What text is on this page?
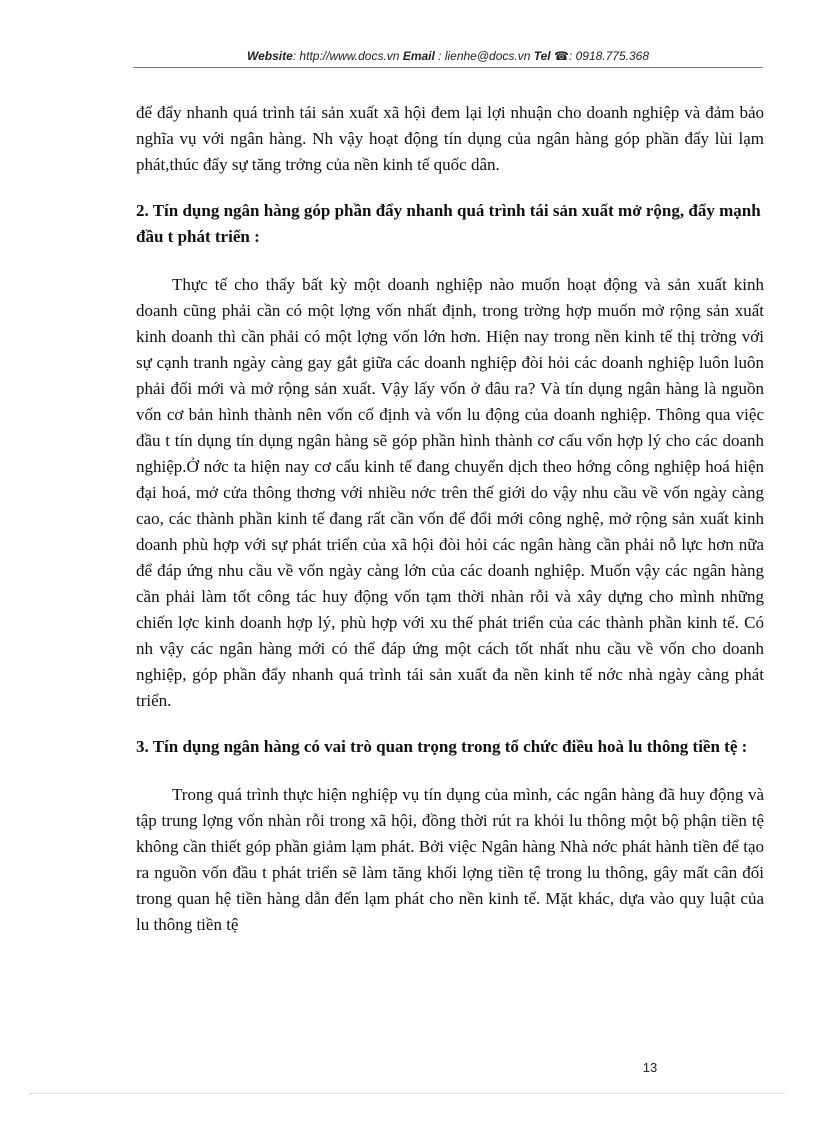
Website: http://www.docs.vn Email : lienhe@docs.vn Tel ☎: 0918.775.368

để đẩy nhanh quá trình tái sản xuất xã hội đem lại lợi nhuận cho doanh nghiệp và đảm bảo nghĩa vụ với ngân hàng. Nh vậy hoạt động tín dụng của ngân hàng góp phần đẩy lùi lạm phát,thúc đẩy sự tăng trởng của nền kinh tế quốc dân.

2. Tín dụng ngân hàng góp phần đẩy nhanh quá trình tái sản xuất mở rộng, đẩy mạnh đầu t phát triển :

Thực tế cho thấy bất kỳ một doanh nghiệp nào muốn hoạt động và sản xuất kinh doanh cũng phải cần có một lợng vốn nhất định, trong trờng hợp muốn mở rộng sản xuất kinh doanh thì cần phải có một lợng vốn lớn hơn. Hiện nay trong nền kinh tế thị trờng với sự cạnh tranh ngày càng gay gắt giữa các doanh nghiệp đòi hỏi các doanh nghiệp luôn luôn phải đổi mới và mở rộng sản xuất. Vậy lấy vốn ở đâu ra? Và tín dụng ngân hàng là nguồn vốn cơ bản hình thành nên vốn cố định và vốn lu động của doanh nghiệp. Thông qua việc đầu t tín dụng tín dụng ngân hàng sẽ góp phần hình thành cơ cấu vốn hợp lý cho các doanh nghiệp.Ở nớc ta hiện nay cơ cấu kinh tế đang chuyển dịch theo hớng công nghiệp hoá hiện đại hoá, mở cửa thông thơng với nhiều nớc trên thế giới do vậy nhu cầu về vốn ngày càng cao, các thành phần kinh tế đang rất cần vốn để đổi mới công nghệ, mở rộng sản xuất kinh doanh phù hợp với sự phát triển của xã hội đòi hỏi các ngân hàng cần phải nỗ lực hơn nữa để đáp ứng nhu cầu về vốn ngày càng lớn của các doanh nghiệp. Muốn vậy các ngân hàng cần phải làm tốt công tác huy động vốn tạm thời nhàn rỗi và xây dựng cho mình những chiến lợc kinh doanh hợp lý, phù hợp với xu thế phát triển của các thành phần kinh tế. Có nh vậy các ngân hàng mới có thể đáp ứng một cách tốt nhất nhu cầu về vốn cho doanh nghiệp, góp phần đẩy nhanh quá trình tái sản xuất đa nền kinh tế nớc nhà ngày càng phát triển.

3. Tín dụng ngân hàng có vai trò quan trọng trong tổ chức điều hoà lu thông tiền tệ :

Trong quá trình thực hiện nghiệp vụ tín dụng của mình, các ngân hàng đã huy động và tập trung lợng vốn nhàn rỗi trong xã hội, đồng thời rút ra khỏi lu thông một bộ phận tiền tệ không cần thiết góp phần giảm lạm phát. Bởi việc Ngân hàng Nhà nớc phát hành tiền để tạo ra nguồn vốn đầu t phát triển sẽ làm tăng khối lợng tiền tệ trong lu thông, gây mất cân đối trong quan hệ tiền hàng dẫn đến lạm phát cho nền kinh tế. Mặt khác, dựa vào quy luật của lu thông tiền tệ

13
